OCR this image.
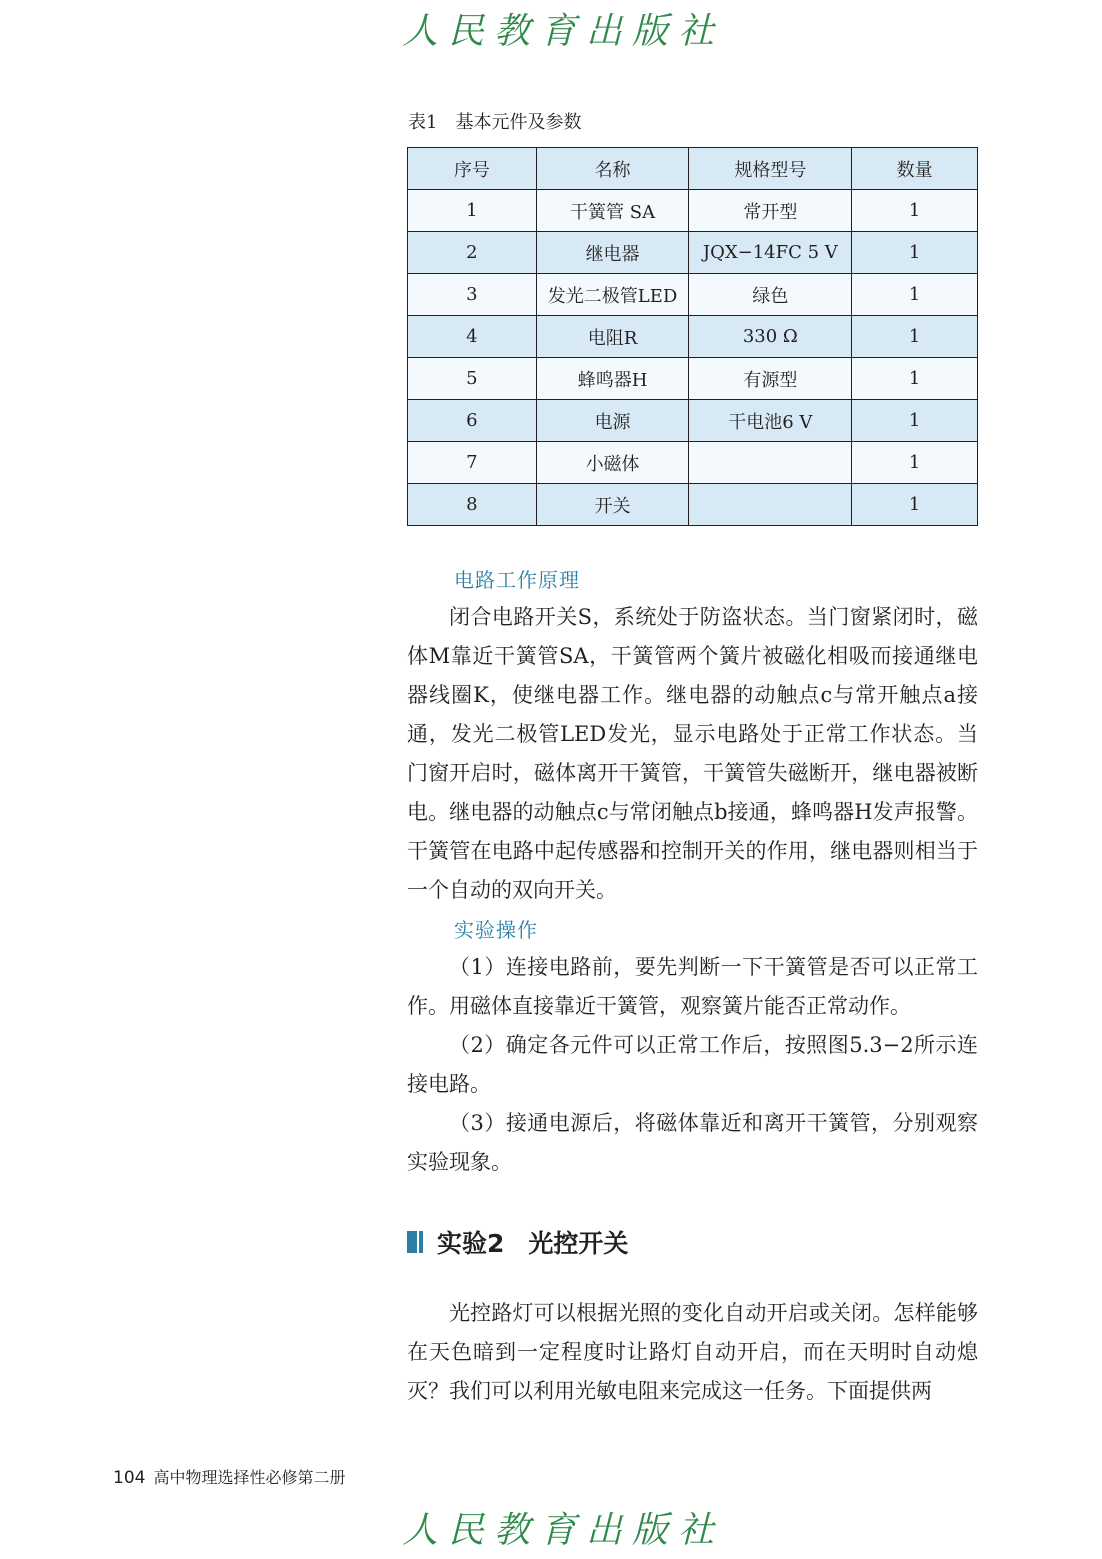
人民教育出版社
表1 基本元件及参数
序号	名称	规格型号	数量
1	干簧管 SA	常开型	1
2	继电器	JQX−14FC 5 V	1
3	发光二极管LED	绿色	1
4	电阻R	330 Ω	1
5	蜂鸣器H	有源型	1
6	电源	干电池6 V	1
7	小磁体		1
8	开关		1
电路工作原理

闭合电路开关S，系统处于防盗状态。当门窗紧闭时，磁体M靠近干簧管SA，干簧管两个簧片被磁化相吸而接通继电器线圈K，使继电器工作。继电器的动触点c与常开触点a接通，发光二极管LED发光，显示电路处于正常工作状态。当门窗开启时，磁体离开干簧管，干簧管失磁断开，继电器被断电。继电器的动触点c与常闭触点b接通，蜂鸣器H发声报警。干簧管在电路中起传感器和控制开关的作用，继电器则相当于一个自动的双向开关。

实验操作

（1）连接电路前，要先判断一下干簧管是否可以正常工作。用磁体直接靠近干簧管，观察簧片能否正常动作。

（2）确定各元件可以正常工作后，按照图5.3−2所示连接电路。

（3）接通电源后，将磁体靠近和离开干簧管，分别观察实验现象。

实验2 光控开关

光控路灯可以根据光照的变化自动开启或关闭。怎样能够在天色暗到一定程度时让路灯自动开启，而在天明时自动熄灭？我们可以利用光敏电阻来完成这一任务。下面提供两

104 高中物理选择性必修第二册
人民教育出版社
